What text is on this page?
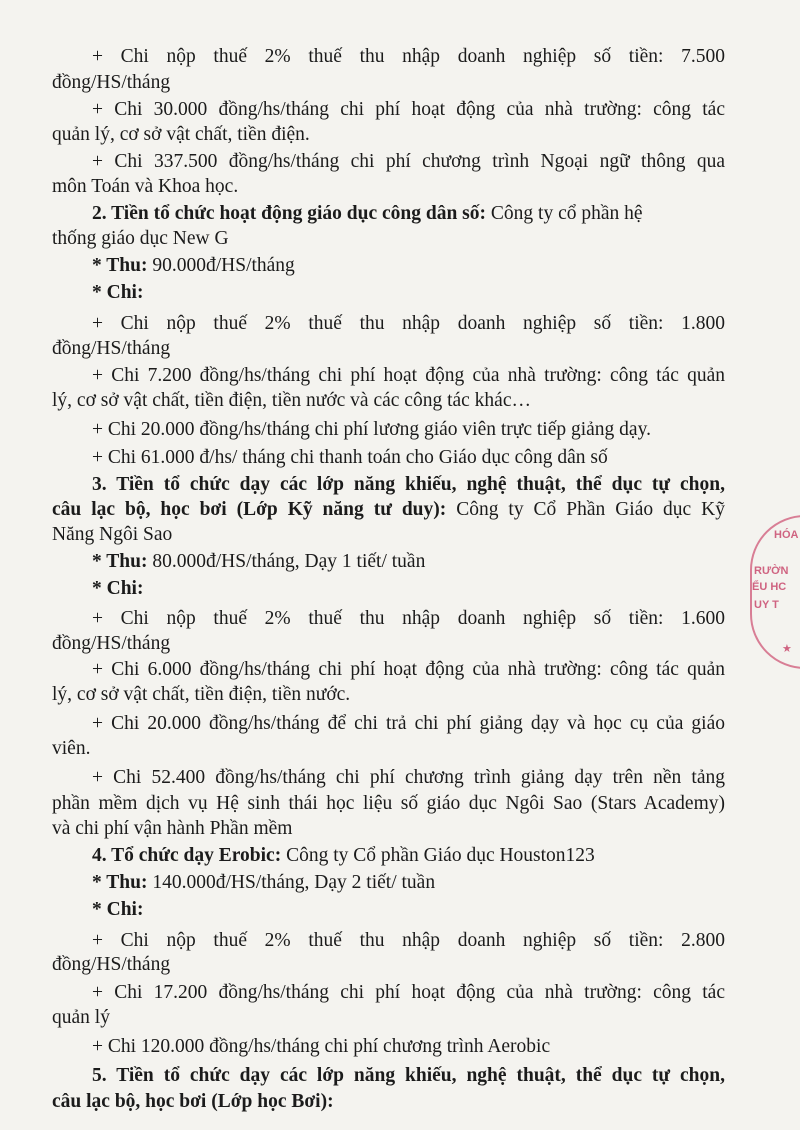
+ Chi nộp thuế 2% thuế thu nhập doanh nghiệp số tiền: 7.500
đồng/HS/tháng
+ Chi 30.000 đồng/hs/tháng chi phí hoạt động của nhà trường: công tác
quản lý, cơ sở vật chất, tiền điện.
+ Chi 337.500 đồng/hs/tháng chi phí chương trình Ngoại ngữ thông qua
môn Toán và Khoa học.
2. Tiền tổ chức hoạt động giáo dục công dân số: Công ty cổ phần hệ
thống giáo dục New G
* Thu: 90.000đ/HS/tháng
* Chi:
+ Chi nộp thuế 2% thuế thu nhập doanh nghiệp số tiền: 1.800
đồng/HS/tháng
+ Chi 7.200 đồng/hs/tháng chi phí hoạt động của nhà trường: công tác quản
lý, cơ sở vật chất, tiền điện, tiền nước và các công tác khác…
+ Chi 20.000 đồng/hs/tháng chi phí lương giáo viên trực tiếp giảng dạy.
+ Chi 61.000 đ/hs/ tháng chi thanh toán cho Giáo dục công dân số
3. Tiền tổ chức dạy các lớp năng khiếu, nghệ thuật, thể dục tự chọn,
câu lạc bộ, học bơi (Lớp Kỹ năng tư duy): Công ty Cổ Phần Giáo dục Kỹ
Năng Ngôi Sao
* Thu: 80.000đ/HS/tháng, Dạy 1 tiết/ tuần
* Chi:
+ Chi nộp thuế 2% thuế thu nhập doanh nghiệp số tiền: 1.600
đồng/HS/tháng
+ Chi 6.000 đồng/hs/tháng chi phí hoạt động của nhà trường: công tác quản
lý, cơ sở vật chất, tiền điện, tiền nước.
+ Chi 20.000 đồng/hs/tháng để chi trả chi phí giảng dạy và học cụ của giáo
viên.
+ Chi 52.400 đồng/hs/tháng chi phí chương trình giảng dạy trên nền tảng
phần mềm dịch vụ Hệ sinh thái học liệu số giáo dục Ngôi Sao (Stars Academy)
và chi phí vận hành Phần mềm
4. Tổ chức dạy Erobic: Công ty Cổ phần Giáo dục Houston123
* Thu: 140.000đ/HS/tháng, Dạy 2 tiết/ tuần
* Chi:
+ Chi nộp thuế 2% thuế thu nhập doanh nghiệp số tiền: 2.800
đồng/HS/tháng
+ Chi 17.200 đồng/hs/tháng chi phí hoạt động của nhà trường: công tác
quản lý
+ Chi 120.000 đồng/hs/tháng chi phí chương trình Aerobic
5. Tiền tổ chức dạy các lớp năng khiếu, nghệ thuật, thể dục tự chọn,
câu lạc bộ, học bơi (Lớp học Bơi):
HÓA
RƯỜN
ỂU HC
UY T
★
